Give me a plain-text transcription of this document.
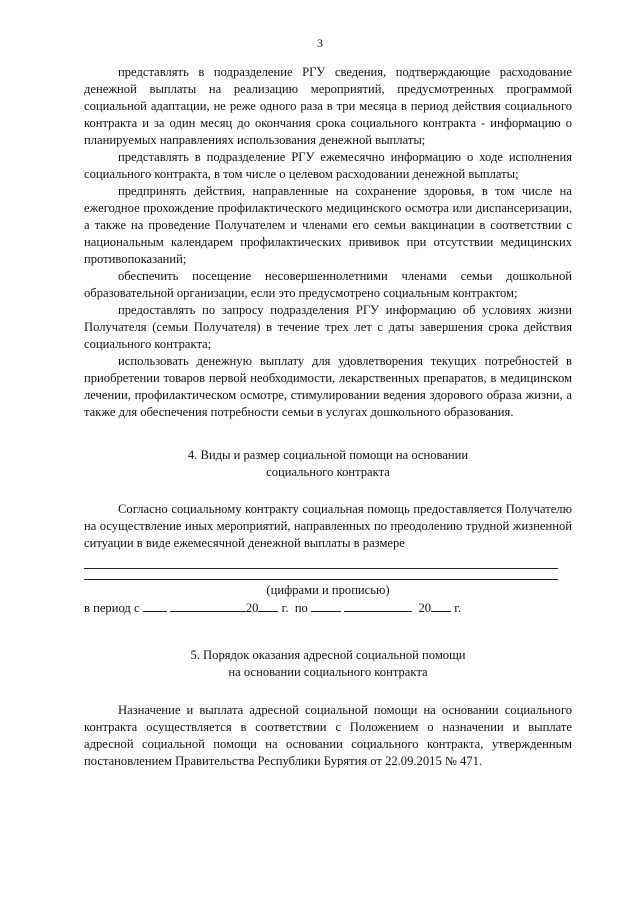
3

представлять в подразделение РГУ сведения, подтверждающие расходование денежной выплаты на реализацию мероприятий, предусмотренных программой социальной адаптации, не реже одного раза в три месяца в период действия социального контракта и за один месяц до окончания срока социального контракта - информацию о планируемых направлениях использования денежной выплаты;

представлять в подразделение РГУ ежемесячно информацию о ходе исполнения социального контракта, в том числе о целевом расходовании денежной выплаты;

предпринять действия, направленные на сохранение здоровья, в том числе на ежегодное прохождение профилактического медицинского осмотра или диспансеризации, а также на проведение Получателем и членами его семьи вакцинации в соответствии с национальным календарем профилактических прививок при отсутствии медицинских противопоказаний;

обеспечить посещение несовершеннолетними членами семьи дошкольной образовательной организации, если это предусмотрено социальным контрактом;

предоставлять по запросу подразделения РГУ информацию об условиях жизни Получателя (семьи Получателя) в течение трех лет с даты завершения срока действия социального контракта;

использовать денежную выплату для удовлетворения текущих потребностей в приобретении товаров первой необходимости, лекарственных препаратов, в медицинском лечении, профилактическом осмотре, стимулировании ведения здорового образа жизни, а также для обеспечения потребности семьи в услугах дошкольного образования.

4. Виды и размер социальной помощи на основании
социального контракта

Согласно социальному контракту социальная помощь предоставляется Получателю на осуществление иных мероприятий, направленных по преодолению трудной жизненной ситуации в виде ежемесячной денежной выплаты в размере

(цифрами и прописью)

в период с	20 г. по	20 г.

5. Порядок оказания адресной социальной помощи
на основании социального контракта

Назначение и выплата адресной социальной помощи на основании социального контракта осуществляется в соответствии с Положением о назначении и выплате адресной социальной помощи на основании социального контракта, утвержденным постановлением Правительства Республики Бурятия от 22.09.2015 № 471.
